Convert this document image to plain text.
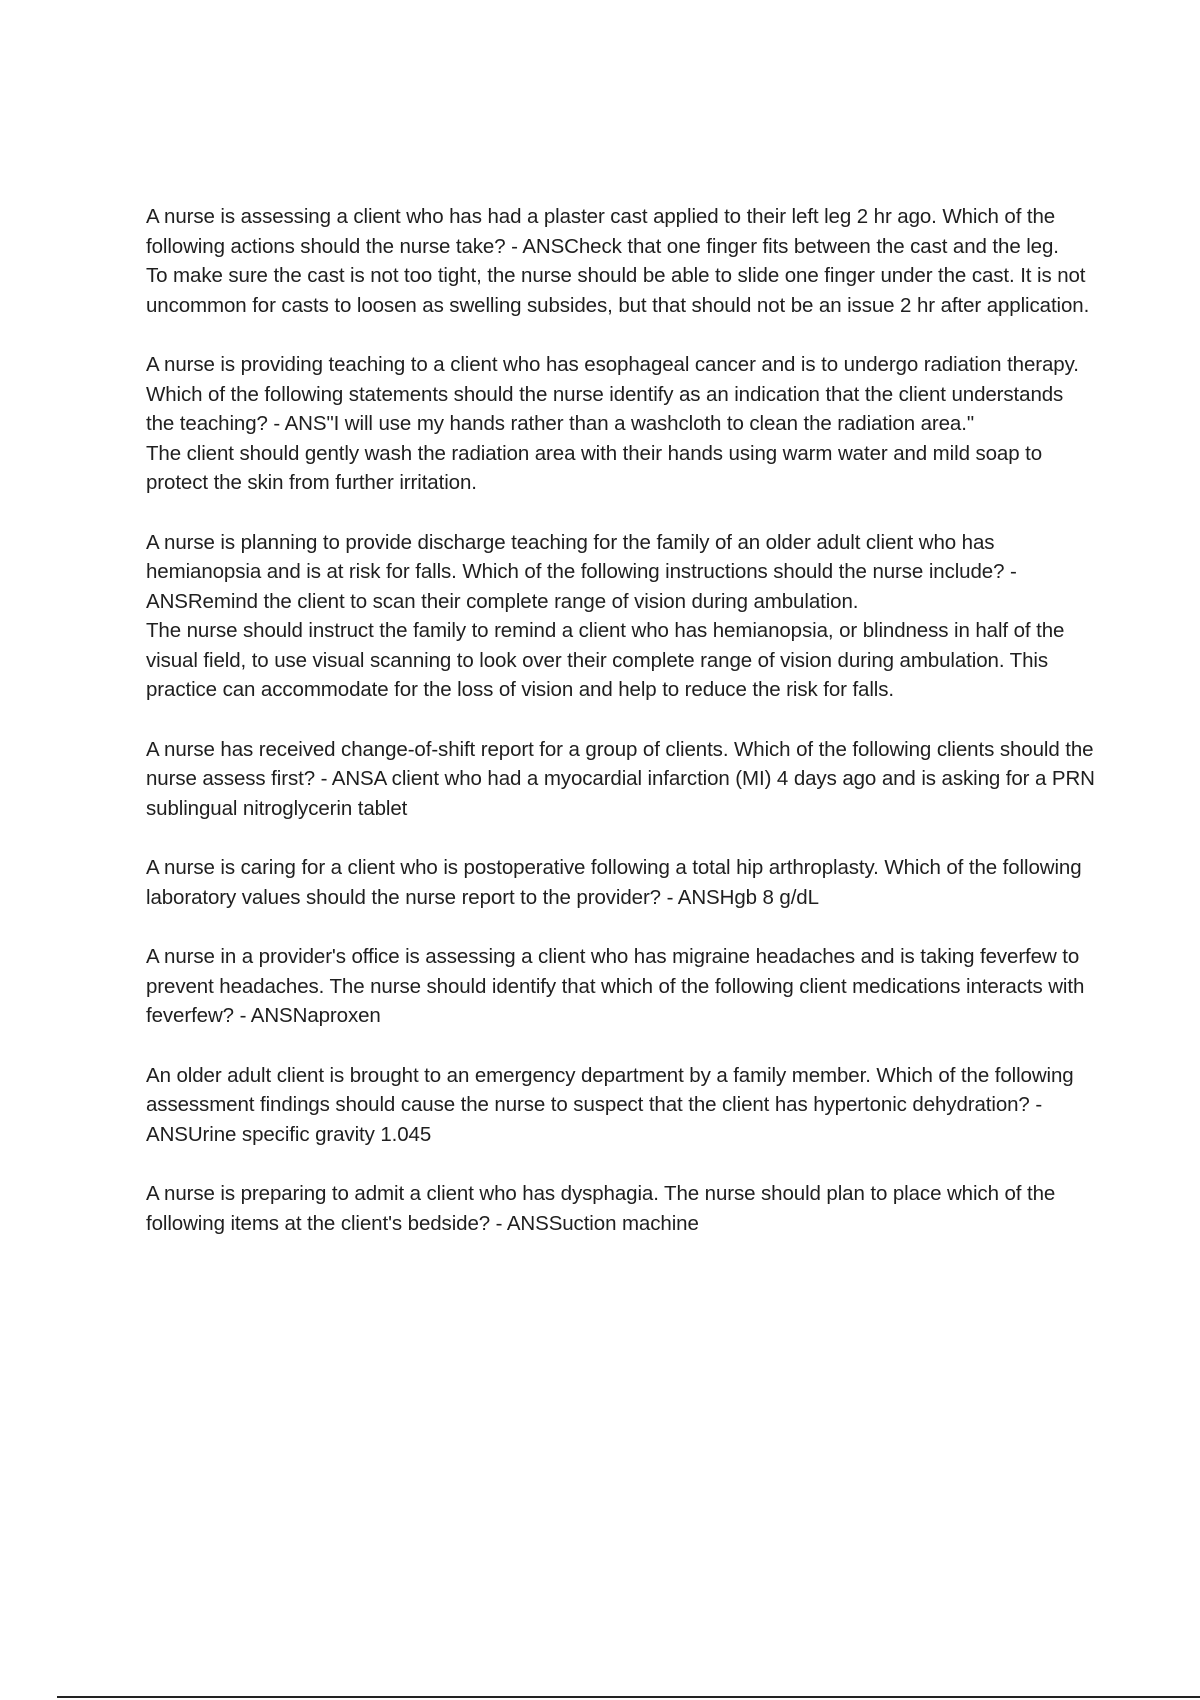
A nurse is assessing a client who has had a plaster cast applied to their left leg 2 hr ago. Which of the following actions should the nurse take? - ANSCheck that one finger fits between the cast and the leg.

To make sure the cast is not too tight, the nurse should be able to slide one finger under the cast. It is not uncommon for casts to loosen as swelling subsides, but that should not be an issue 2 hr after application.

A nurse is providing teaching to a client who has esophageal cancer and is to undergo radiation therapy. Which of the following statements should the nurse identify as an indication that the client understands the teaching? - ANS"I will use my hands rather than a washcloth to clean the radiation area."

The client should gently wash the radiation area with their hands using warm water and mild soap to protect the skin from further irritation.

A nurse is planning to provide discharge teaching for the family of an older adult client who has hemianopsia and is at risk for falls. Which of the following instructions should the nurse include? - ANSRemind the client to scan their complete range of vision during ambulation.

The nurse should instruct the family to remind a client who has hemianopsia, or blindness in half of the visual field, to use visual scanning to look over their complete range of vision during ambulation. This practice can accommodate for the loss of vision and help to reduce the risk for falls.

A nurse has received change-of-shift report for a group of clients. Which of the following clients should the nurse assess first? - ANSA client who had a myocardial infarction (MI) 4 days ago and is asking for a PRN sublingual nitroglycerin tablet

A nurse is caring for a client who is postoperative following a total hip arthroplasty. Which of the following laboratory values should the nurse report to the provider? - ANSHgb 8 g/dL

A nurse in a provider's office is assessing a client who has migraine headaches and is taking feverfew to prevent headaches. The nurse should identify that which of the following client medications interacts with feverfew? - ANSNaproxen

An older adult client is brought to an emergency department by a family member. Which of the following assessment findings should cause the nurse to suspect that the client has hypertonic dehydration? - ANSUrine specific gravity 1.045

A nurse is preparing to admit a client who has dysphagia. The nurse should plan to place which of the following items at the client's bedside? - ANSSuction machine
